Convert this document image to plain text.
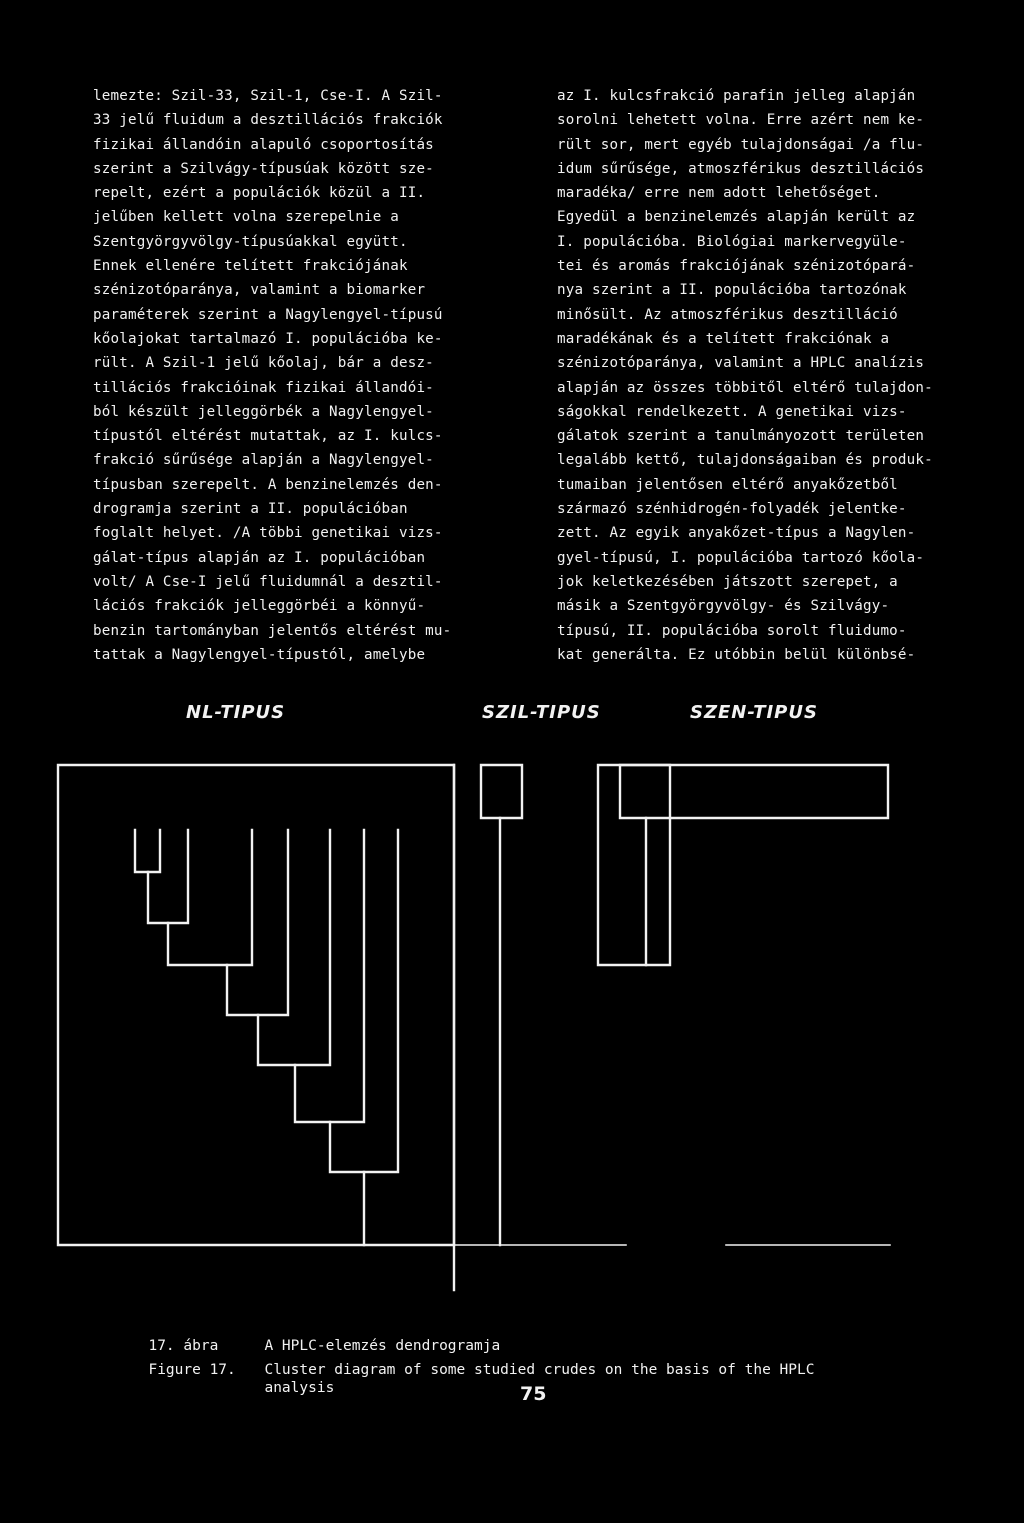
lemezte: Szil-33, Szil-1, Cse-I. A Szil-
33 jelű fluidum a desztillációs frakciók
fizikai állandóin alapuló csoportosítás
szerint a Szilvágy-típusúak között sze-
repelt, ezért a populációk közül a II.
jelűben kellett volna szerepelnie a
Szentgyörgyvölgy-típusúakkal együtt.
Ennek ellenére telített frakciójának
szénizotóparánya, valamint a biomarker
paraméterek szerint a Nagylengyel-típusú
kőolajokat tartalmazó I. populációba ke-
rült. A Szil-1 jelű kőolaj, bár a desz-
tillációs frakcióinak fizikai állandói-
ból készült jelleggörbék a Nagylengyel-
típustól eltérést mutattak, az I. kulcs-
frakció sűrűsége alapján a Nagylengyel-
típusban szerepelt. A benzinelemzés den-
drogramja szerint a II. populációban
foglalt helyet. /A többi genetikai vizs-
gálat-típus alapján az I. populációban
volt/ A Cse-I jelű fluidumnál a desztil-
lációs frakciók jelleggörbéi a könnyű-
benzin tartományban jelentős eltérést mu-
tattak a Nagylengyel-típustól, amelybe
az I. kulcsfrakció parafin jelleg alapján
sorolni lehetett volna. Erre azért nem ke-
rült sor, mert egyéb tulajdonságai /a flu-
idum sűrűsége, atmoszférikus desztillációs
maradéka/ erre nem adott lehetőséget.
Egyedül a benzinelemzés alapján került az
I. populációba. Biológiai markervegyüle-
tei és aromás frakciójának szénizotópará-
nya szerint a II. populációba tartozónak
minősült. Az atmoszférikus desztilláció
maradékának és a telített frakciónak a
szénizotóparánya, valamint a HPLC analízis
alapján az összes többitől eltérő tulajdon-
ságokkal rendelkezett. A genetikai vizs-
gálatok szerint a tanulmányozott területen
legalább kettő, tulajdonságaiban és produk-
tumaiban jelentősen eltérő anyakőzetből
származó szénhidrogén-folyadék jelentke-
zett. Az egyik anyakőzet-típus a Nagylen-
gyel-típusú, I. populációba tartozó kőola-
jok keletkezésében játszott szerepet, a
másik a Szentgyörgyvölgy- és Szilvágy-
típusú, II. populációba sorolt fluidumo-
kat generálta. Ez utóbbin belül különbsé-
NL-TIPUS	SZIL-TIPUS	SZEN-TIPUS

17. ábra	A HPLC-elemzés dendrogramja

Figure 17. Cluster diagram of some studied crudes on the basis of the HPLC
analysis	75
